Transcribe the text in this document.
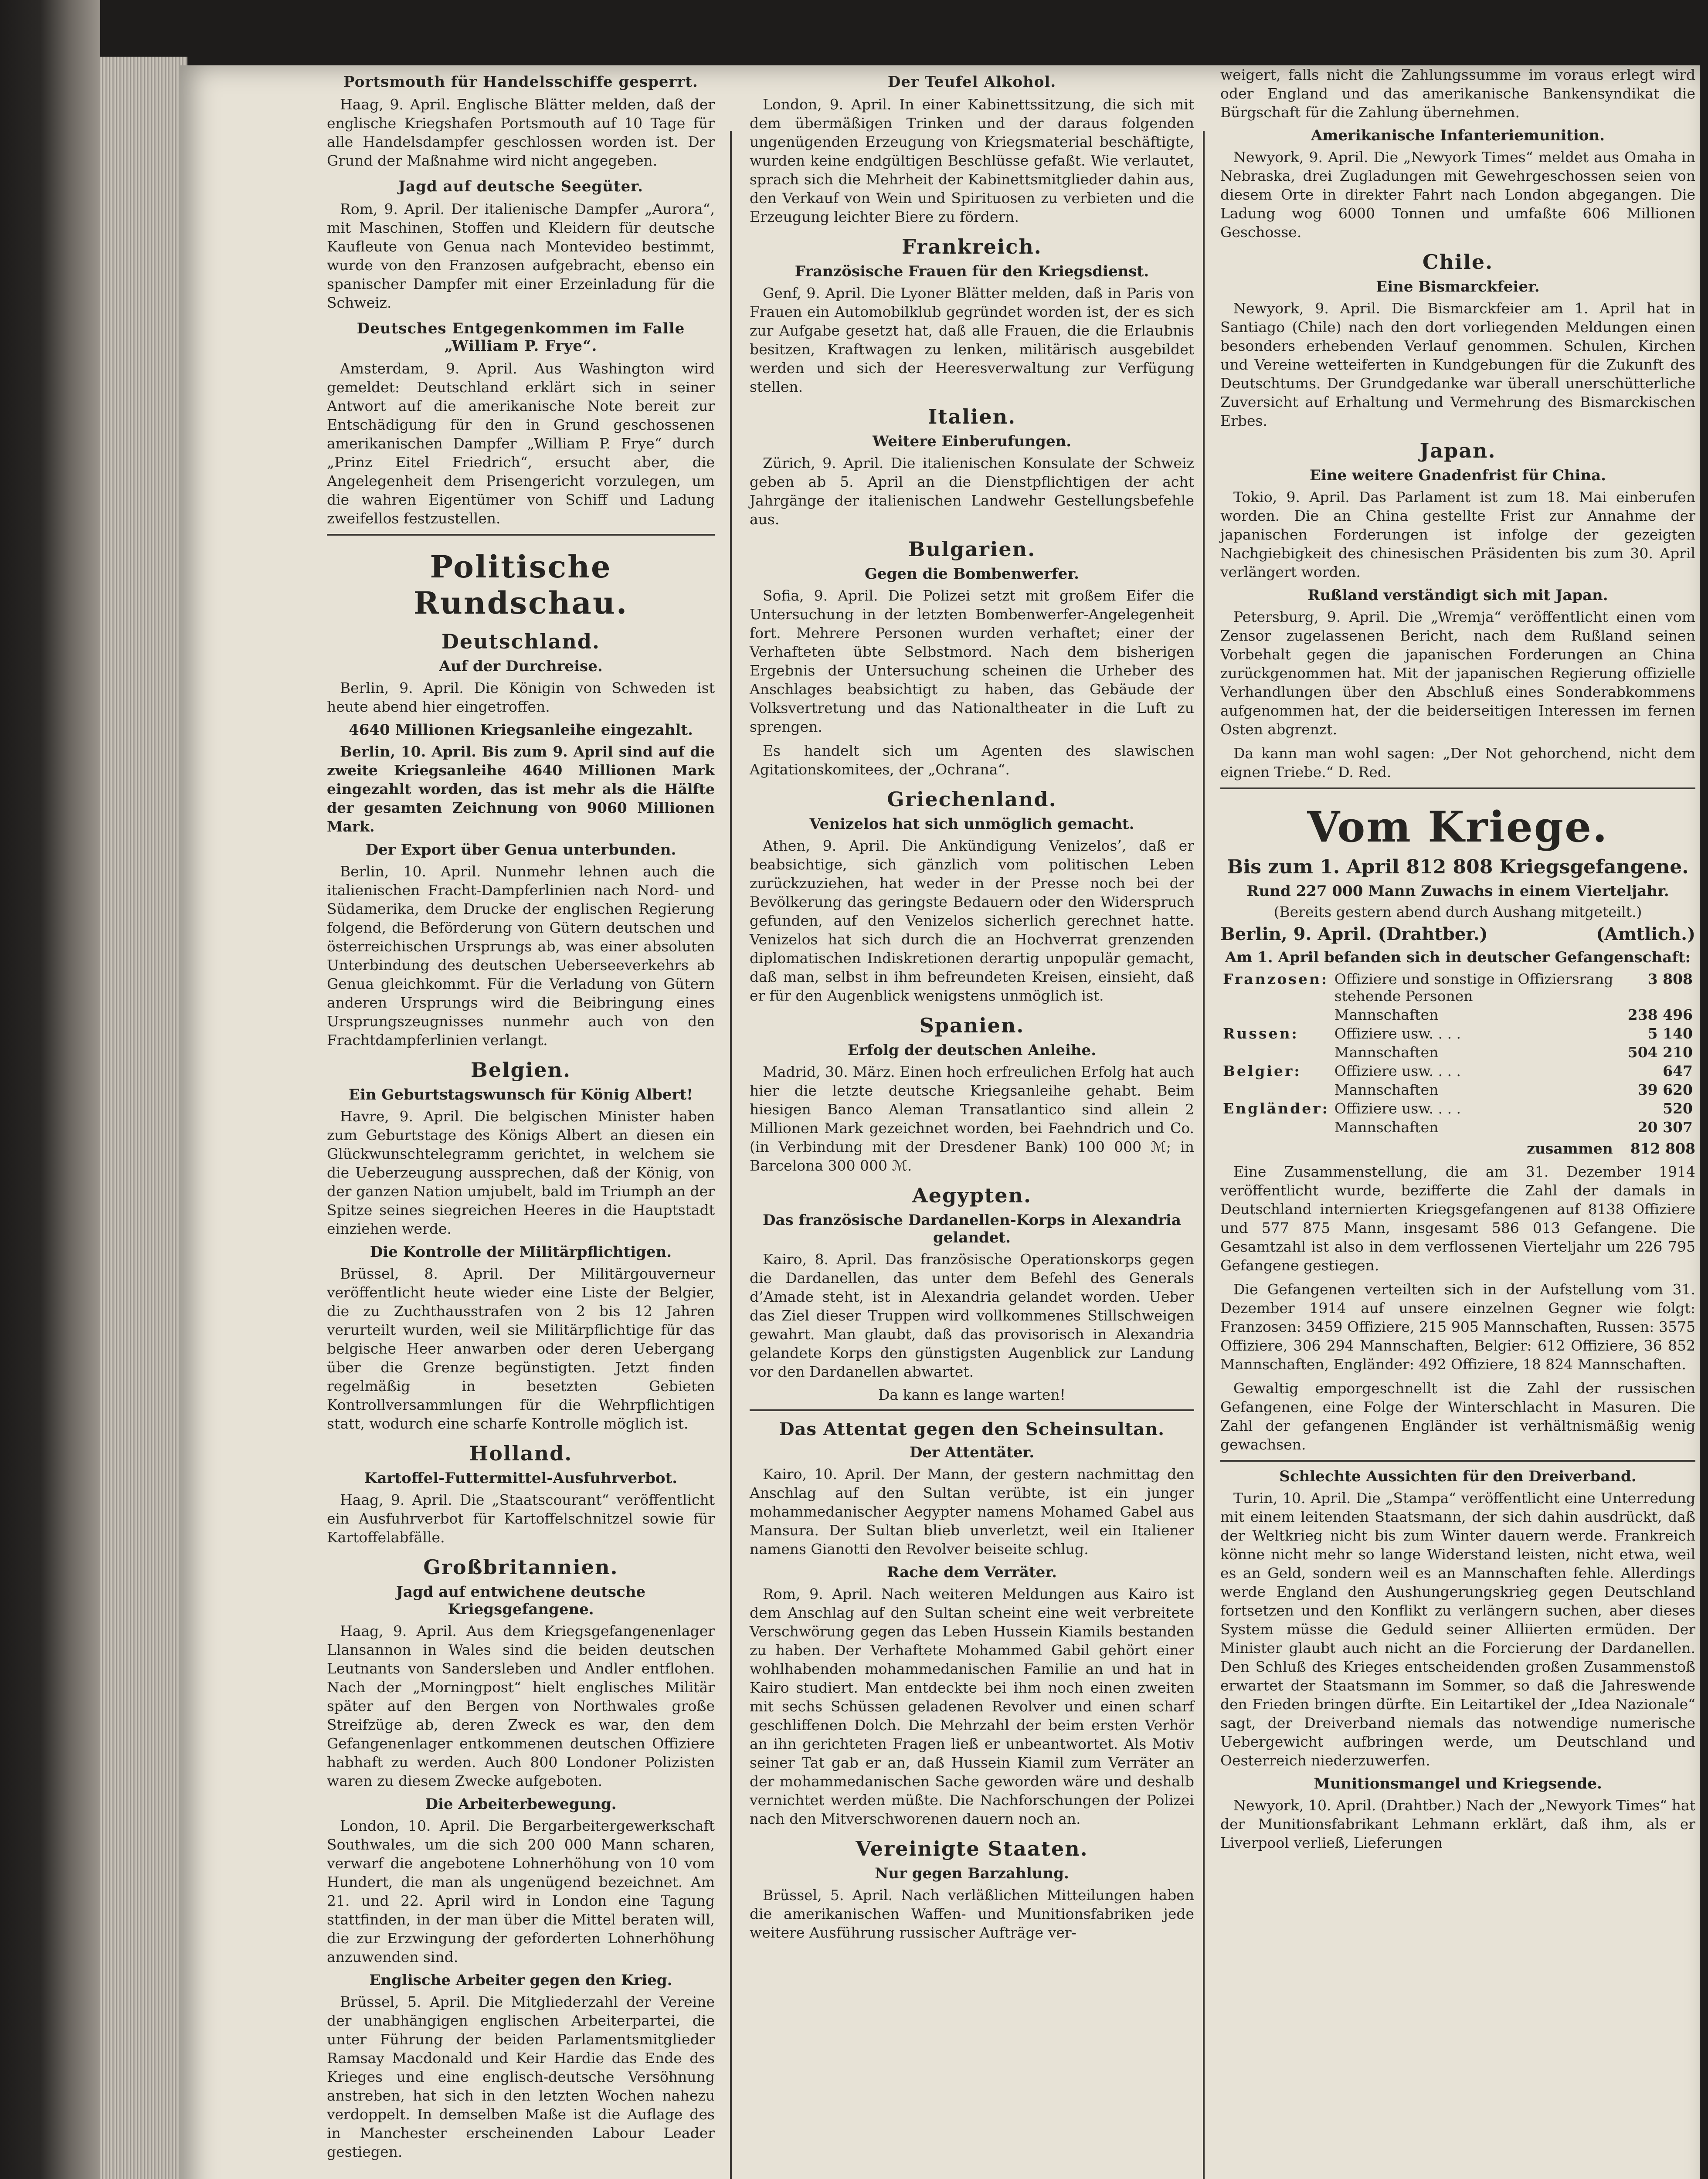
Portsmouth für Handelsschiffe gesperrt.

Haag, 9. April. Englische Blätter melden, daß der englische Kriegshafen Portsmouth auf 10 Tage für alle Handelsdampfer geschlossen worden ist. Der Grund der Maßnahme wird nicht angegeben.

Jagd auf deutsche Seegüter.

Rom, 9. April. Der italienische Dampfer „Aurora“, mit Maschinen, Stoffen und Kleidern für deutsche Kaufleute von Genua nach Montevideo bestimmt, wurde von den Franzosen aufgebracht, ebenso ein spanischer Dampfer mit einer Erzeinladung für die Schweiz.

Deutsches Entgegenkommen im Falle „William P. Frye“.

Amsterdam, 9. April. Aus Washington wird gemeldet: Deutschland erklärt sich in seiner Antwort auf die amerikanische Note bereit zur Entschädigung für den in Grund geschossenen amerikanischen Dampfer „William P. Frye“ durch „Prinz Eitel Friedrich“, ersucht aber, die Angelegenheit dem Prisengericht vorzulegen, um die wahren Eigentümer von Schiff und Ladung zweifellos festzustellen.

Politische Rundschau.
Deutschland.
Auf der Durchreise.

Berlin, 9. April. Die Königin von Schweden ist heute abend hier eingetroffen.

4640 Millionen Kriegsanleihe eingezahlt.

Berlin, 10. April. Bis zum 9. April sind auf die zweite Kriegsanleihe 4640 Millionen Mark eingezahlt worden, das ist mehr als die Hälfte der gesamten Zeichnung von 9060 Millionen Mark.

Der Export über Genua unterbunden.

Berlin, 10. April. Nunmehr lehnen auch die italienischen Fracht-Dampferlinien nach Nord- und Südamerika, dem Drucke der englischen Regierung folgend, die Beförderung von Gütern deutschen und österreichischen Ursprungs ab, was einer absoluten Unterbindung des deutschen Ueberseeverkehrs ab Genua gleichkommt. Für die Verladung von Gütern anderen Ursprungs wird die Beibringung eines Ursprungszeugnisses nunmehr auch von den Frachtdampferlinien verlangt.

Belgien.
Ein Geburtstagswunsch für König Albert!

Havre, 9. April. Die belgischen Minister haben zum Geburtstage des Königs Albert an diesen ein Glückwunschtelegramm gerichtet, in welchem sie die Ueberzeugung aussprechen, daß der König, von der ganzen Nation umjubelt, bald im Triumph an der Spitze seines siegreichen Heeres in die Hauptstadt einziehen werde.

Die Kontrolle der Militärpflichtigen.

Brüssel, 8. April. Der Militärgouverneur veröffentlicht heute wieder eine Liste der Belgier, die zu Zuchthausstrafen von 2 bis 12 Jahren verurteilt wurden, weil sie Militärpflichtige für das belgische Heer anwarben oder deren Uebergang über die Grenze begünstigten. Jetzt finden regelmäßig in besetzten Gebieten Kontrollversammlungen für die Wehrpflichtigen statt, wodurch eine scharfe Kontrolle möglich ist.

Holland.
Kartoffel-Futtermittel-Ausfuhrverbot.

Haag, 9. April. Die „Staatscourant“ veröffentlicht ein Ausfuhrverbot für Kartoffelschnitzel sowie für Kartoffelabfälle.

Großbritannien.
Jagd auf entwichene deutsche Kriegsgefangene.

Haag, 9. April. Aus dem Kriegsgefangenenlager Llansannon in Wales sind die beiden deutschen Leutnants von Sandersleben und Andler entflohen. Nach der „Morningpost“ hielt englisches Militär später auf den Bergen von Northwales große Streifzüge ab, deren Zweck es war, den dem Gefangenenlager entkommenen deutschen Offiziere habhaft zu werden. Auch 800 Londoner Polizisten waren zu diesem Zwecke aufgeboten.

Die Arbeiterbewegung.

London, 10. April. Die Bergarbeitergewerkschaft Southwales, um die sich 200 000 Mann scharen, verwarf die angebotene Lohnerhöhung von 10 vom Hundert, die man als ungenügend bezeichnet. Am 21. und 22. April wird in London eine Tagung stattfinden, in der man über die Mittel beraten will, die zur Erzwingung der geforderten Lohnerhöhung anzuwenden sind.

Englische Arbeiter gegen den Krieg.

Brüssel, 5. April. Die Mitgliederzahl der Vereine der unabhängigen englischen Arbeiterpartei, die unter Führung der beiden Parlamentsmitglieder Ramsay Macdonald und Keir Hardie das Ende des Krieges und eine englisch-deutsche Versöhnung anstreben, hat sich in den letzten Wochen nahezu verdoppelt. In demselben Maße ist die Auflage des in Manchester erscheinenden Labour Leader gestiegen.

Der Teufel Alkohol.

London, 9. April. In einer Kabinettssitzung, die sich mit dem übermäßigen Trinken und der daraus folgenden ungenügenden Erzeugung von Kriegsmaterial beschäftigte, wurden keine endgültigen Beschlüsse gefaßt. Wie verlautet, sprach sich die Mehrheit der Kabinettsmitglieder dahin aus, den Verkauf von Wein und Spirituosen zu verbieten und die Erzeugung leichter Biere zu fördern.

Frankreich.
Französische Frauen für den Kriegsdienst.

Genf, 9. April. Die Lyoner Blätter melden, daß in Paris von Frauen ein Automobilklub gegründet worden ist, der es sich zur Aufgabe gesetzt hat, daß alle Frauen, die die Erlaubnis besitzen, Kraftwagen zu lenken, militärisch ausgebildet werden und sich der Heeresverwaltung zur Verfügung stellen.

Italien.
Weitere Einberufungen.

Zürich, 9. April. Die italienischen Konsulate der Schweiz geben ab 5. April an die Dienstpflichtigen der acht Jahrgänge der italienischen Landwehr Gestellungsbefehle aus.

Bulgarien.
Gegen die Bombenwerfer.

Sofia, 9. April. Die Polizei setzt mit großem Eifer die Untersuchung in der letzten Bombenwerfer-Angelegenheit fort. Mehrere Personen wurden verhaftet; einer der Verhafteten übte Selbstmord. Nach dem bisherigen Ergebnis der Untersuchung scheinen die Urheber des Anschlages beabsichtigt zu haben, das Gebäude der Volksvertretung und das Nationaltheater in die Luft zu sprengen.

Es handelt sich um Agenten des slawischen Agitationskomitees, der „Ochrana“.

Griechenland.
Venizelos hat sich unmöglich gemacht.

Athen, 9. April. Die Ankündigung Venizelos’, daß er beabsichtige, sich gänzlich vom politischen Leben zurückzuziehen, hat weder in der Presse noch bei der Bevölkerung das geringste Bedauern oder den Widerspruch gefunden, auf den Venizelos sicherlich gerechnet hatte. Venizelos hat sich durch die an Hochverrat grenzenden diplomatischen Indiskretionen derartig unpopulär gemacht, daß man, selbst in ihm befreundeten Kreisen, einsieht, daß er für den Augenblick wenigstens unmöglich ist.

Spanien.
Erfolg der deutschen Anleihe.

Madrid, 30. März. Einen hoch erfreulichen Erfolg hat auch hier die letzte deutsche Kriegsanleihe gehabt. Beim hiesigen Banco Aleman Transatlantico sind allein 2 Millionen Mark gezeichnet worden, bei Faehndrich und Co. (in Verbindung mit der Dresdener Bank) 100 000 ℳ; in Barcelona 300 000 ℳ.

Aegypten.
Das französische Dardanellen-Korps in Alexandria gelandet.

Kairo, 8. April. Das französische Operationskorps gegen die Dardanellen, das unter dem Befehl des Generals d’Amade steht, ist in Alexandria gelandet worden. Ueber das Ziel dieser Truppen wird vollkommenes Stillschweigen gewahrt. Man glaubt, daß das provisorisch in Alexandria gelandete Korps den günstigsten Augenblick zur Landung vor den Dardanellen abwartet.

Da kann es lange warten!

Das Attentat gegen den Scheinsultan.
Der Attentäter.

Kairo, 10. April. Der Mann, der gestern nachmittag den Anschlag auf den Sultan verübte, ist ein junger mohammedanischer Aegypter namens Mohamed Gabel aus Mansura. Der Sultan blieb unverletzt, weil ein Italiener namens Gianotti den Revolver beiseite schlug.

Rache dem Verräter.

Rom, 9. April. Nach weiteren Meldungen aus Kairo ist dem Anschlag auf den Sultan scheint eine weit verbreitete Verschwörung gegen das Leben Hussein Kiamils bestanden zu haben. Der Verhaftete Mohammed Gabil gehört einer wohlhabenden mohammedanischen Familie an und hat in Kairo studiert. Man entdeckte bei ihm noch einen zweiten mit sechs Schüssen geladenen Revolver und einen scharf geschliffenen Dolch. Die Mehrzahl der beim ersten Verhör an ihn gerichteten Fragen ließ er unbeantwortet. Als Motiv seiner Tat gab er an, daß Hussein Kiamil zum Verräter an der mohammedanischen Sache geworden wäre und deshalb vernichtet werden müßte. Die Nachforschungen der Polizei nach den Mitverschworenen dauern noch an.

Vereinigte Staaten.
Nur gegen Barzahlung.

Brüssel, 5. April. Nach verläßlichen Mitteilungen haben die amerikanischen Waffen- und Munitionsfabriken jede weitere Ausführung russischer Aufträge ver-

weigert, falls nicht die Zahlungssumme im voraus erlegt wird oder England und das amerikanische Bankensyndikat die Bürgschaft für die Zahlung übernehmen.

Amerikanische Infanteriemunition.

Newyork, 9. April. Die „Newyork Times“ meldet aus Omaha in Nebraska, drei Zugladungen mit Gewehrgeschossen seien von diesem Orte in direkter Fahrt nach London abgegangen. Die Ladung wog 6000 Tonnen und umfaßte 606 Millionen Geschosse.

Chile.
Eine Bismarckfeier.

Newyork, 9. April. Die Bismarckfeier am 1. April hat in Santiago (Chile) nach den dort vorliegenden Meldungen einen besonders erhebenden Verlauf genommen. Schulen, Kirchen und Vereine wetteiferten in Kundgebungen für die Zukunft des Deutschtums. Der Grundgedanke war überall unerschütterliche Zuversicht auf Erhaltung und Vermehrung des Bismarckischen Erbes.

Japan.
Eine weitere Gnadenfrist für China.

Tokio, 9. April. Das Parlament ist zum 18. Mai einberufen worden. Die an China gestellte Frist zur Annahme der japanischen Forderungen ist infolge der gezeigten Nachgiebigkeit des chinesischen Präsidenten bis zum 30. April verlängert worden.

Rußland verständigt sich mit Japan.

Petersburg, 9. April. Die „Wremja“ veröffentlicht einen vom Zensor zugelassenen Bericht, nach dem Rußland seinen Vorbehalt gegen die japanischen Forderungen an China zurückgenommen hat. Mit der japanischen Regierung offizielle Verhandlungen über den Abschluß eines Sonderabkommens aufgenommen hat, der die beiderseitigen Interessen im fernen Osten abgrenzt.

Da kann man wohl sagen: „Der Not gehorchend, nicht dem eignen Triebe.“ D. Red.

Vom Kriege.
Bis zum 1. April 812 808 Kriegsgefangene.
Rund 227 000 Mann Zuwachs in einem Vierteljahr.
(Bereits gestern abend durch Aushang mitgeteilt.)
Berlin, 9. April. (Drahtber.)	(Amtlich.)
Am 1. April befanden sich in deutscher Gefangenschaft:
Franzosen:	Offiziere und sonstige in Offiziersrang stehende Personen	3 808
	Mannschaften	238 496
Russen:	Offiziere usw. . . .	5 140
	Mannschaften	504 210
Belgier:	Offiziere usw. . . .	647
	Mannschaften	39 620
Engländer:	Offiziere usw. . . .	520
	Mannschaften	20 307
zusammen 812 808

Eine Zusammenstellung, die am 31. Dezember 1914 veröffentlicht wurde, bezifferte die Zahl der damals in Deutschland internierten Kriegsgefangenen auf 8138 Offiziere und 577 875 Mann, insgesamt 586 013 Gefangene. Die Gesamtzahl ist also in dem verflossenen Vierteljahr um 226 795 Gefangene gestiegen.

Die Gefangenen verteilten sich in der Aufstellung vom 31. Dezember 1914 auf unsere einzelnen Gegner wie folgt: Franzosen: 3459 Offiziere, 215 905 Mannschaften, Russen: 3575 Offiziere, 306 294 Mannschaften, Belgier: 612 Offiziere, 36 852 Mannschaften, Engländer: 492 Offiziere, 18 824 Mannschaften.

Gewaltig emporgeschnellt ist die Zahl der russischen Gefangenen, eine Folge der Winterschlacht in Masuren. Die Zahl der gefangenen Engländer ist verhältnismäßig wenig gewachsen.

Schlechte Aussichten für den Dreiverband.

Turin, 10. April. Die „Stampa“ veröffentlicht eine Unterredung mit einem leitenden Staatsmann, der sich dahin ausdrückt, daß der Weltkrieg nicht bis zum Winter dauern werde. Frankreich könne nicht mehr so lange Widerstand leisten, nicht etwa, weil es an Geld, sondern weil es an Mannschaften fehle. Allerdings werde England den Aushungerungskrieg gegen Deutschland fortsetzen und den Konflikt zu verlängern suchen, aber dieses System müsse die Geduld seiner Alliierten ermüden. Der Minister glaubt auch nicht an die Forcierung der Dardanellen. Den Schluß des Krieges entscheidenden großen Zusammenstoß erwartet der Staatsmann im Sommer, so daß die Jahreswende den Frieden bringen dürfte. Ein Leitartikel der „Idea Nazionale“ sagt, der Dreiverband niemals das notwendige numerische Uebergewicht aufbringen werde, um Deutschland und Oesterreich niederzuwerfen.

Munitionsmangel und Kriegsende.

Newyork, 10. April. (Drahtber.) Nach der „Newyork Times“ hat der Munitionsfabrikant Lehmann erklärt, daß ihm, als er Liverpool verließ, Lieferungen
